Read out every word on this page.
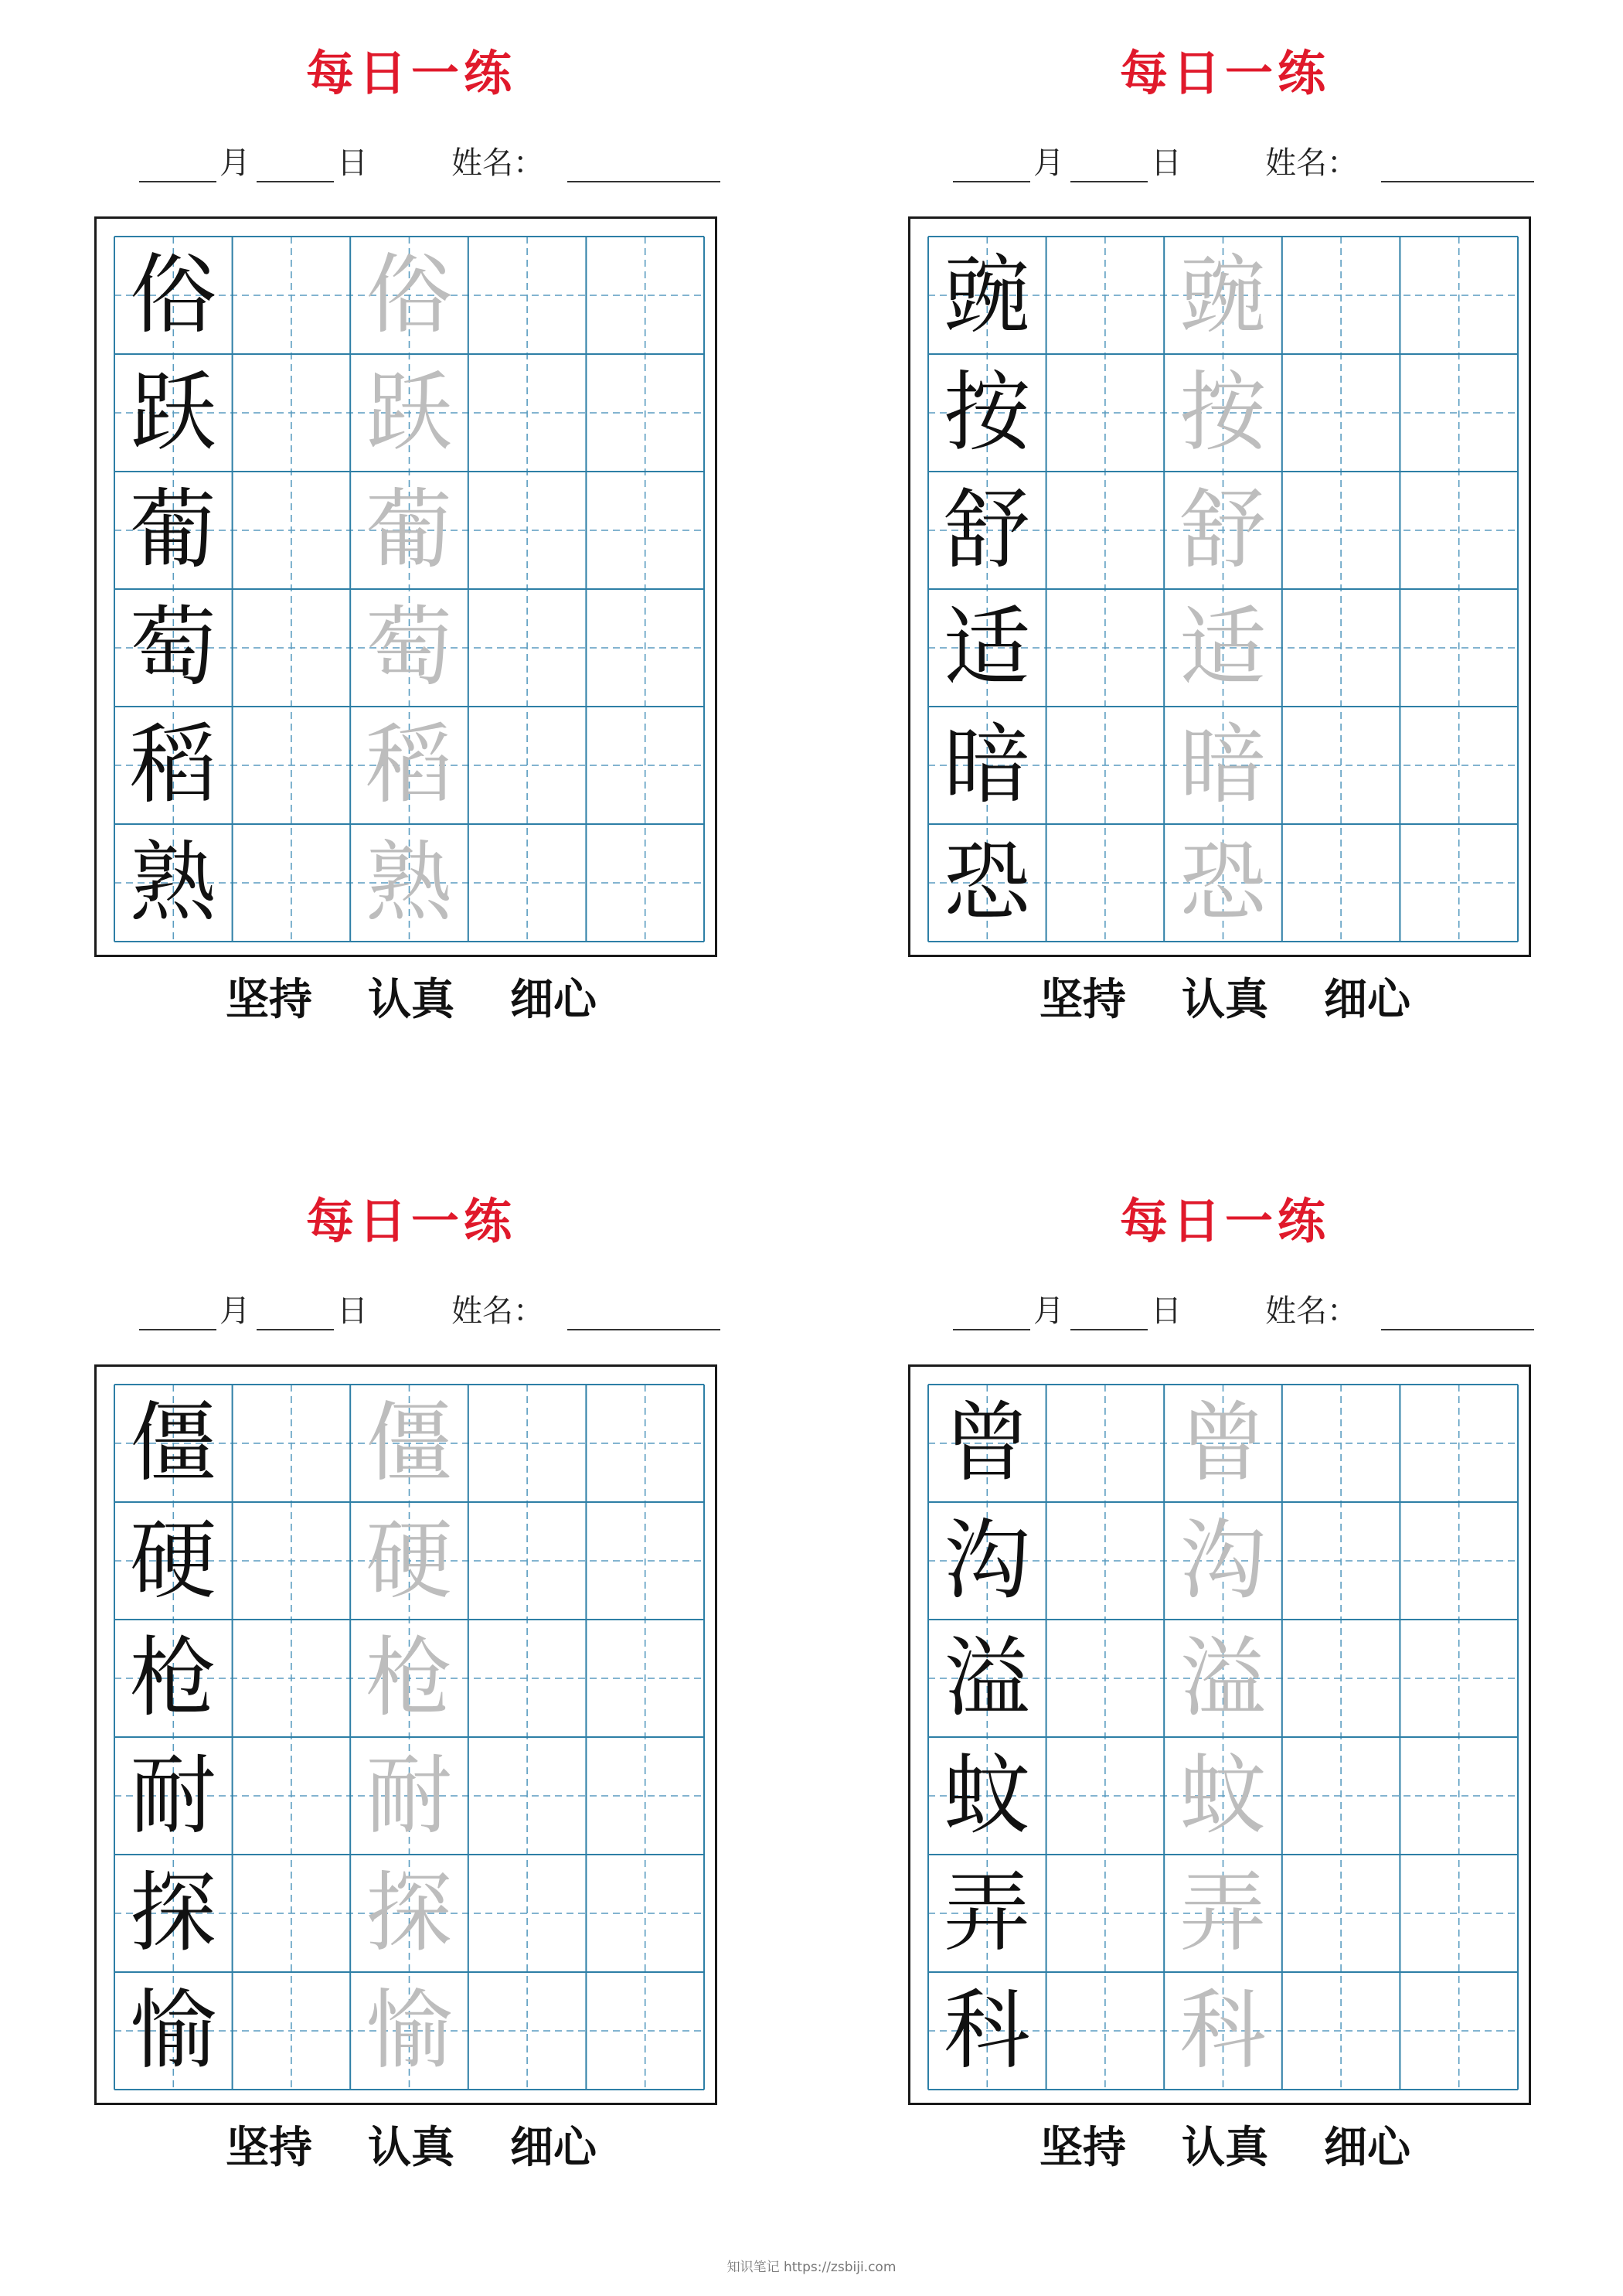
每日一练
月	日	姓名：
俗 俗
跃 跃
葡 葡
萄 萄
稻 稻
熟 熟
坚持 认真 细心
每日一练
月	日	姓名：
豌 豌
按 按
舒 舒
适 适
暗 暗
恐 恐
坚持 认真 细心
每日一练
月	日	姓名：
僵 僵
硬 硬
枪 枪
耐 耐
探 探
愉 愉
坚持 认真 细心
每日一练
月	日	姓名：
曾 曾
沟 沟
溢 溢
蚊 蚊
弄 弄
科 科
坚持 认真 细心
知识笔记 https://zsbiji.com
